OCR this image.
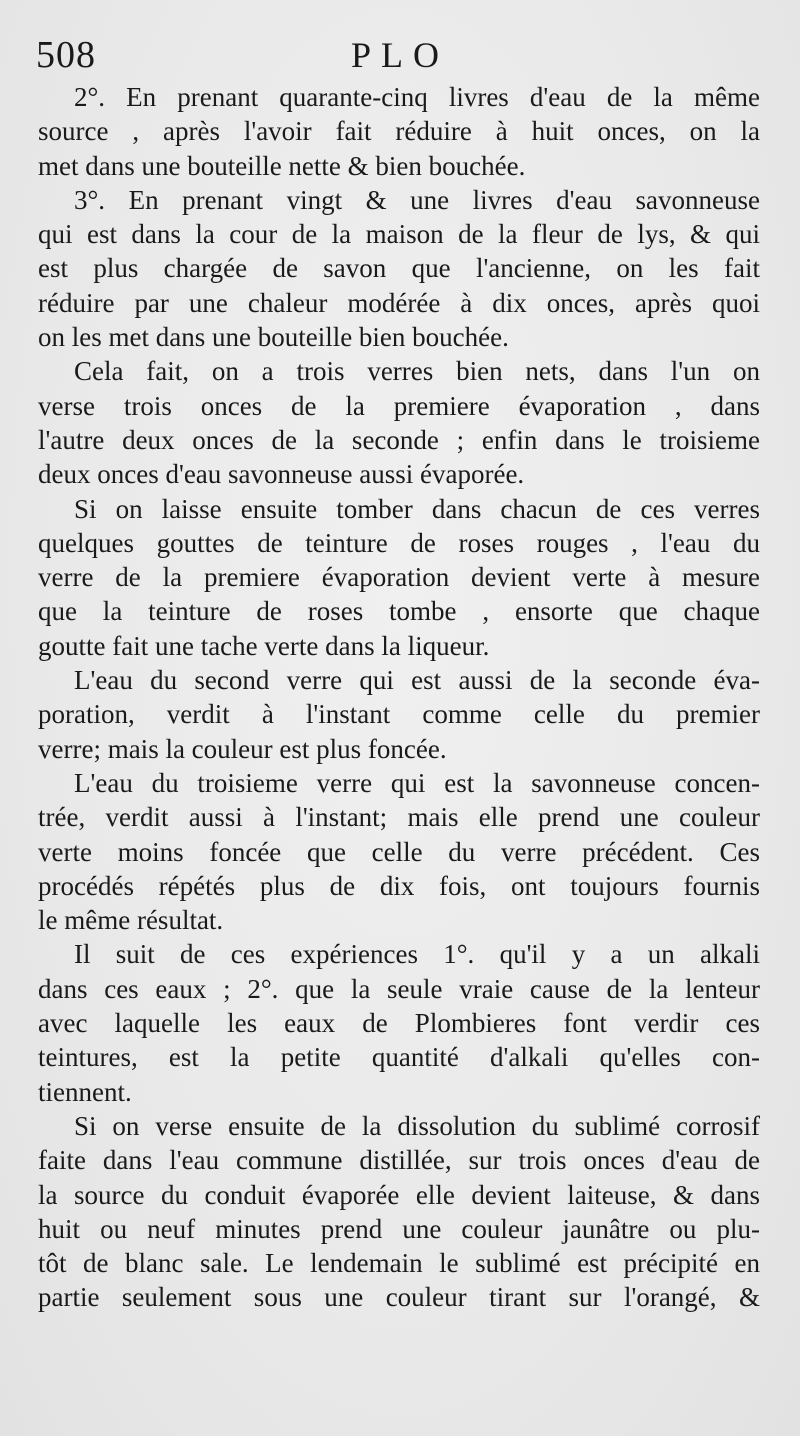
508	PLO
2°. En prenant quarante-cinq livres d'eau de la même
source , après l'avoir fait réduire à huit onces, on la
met dans une bouteille nette & bien bouchée.
3°. En prenant vingt & une livres d'eau savonneuse
qui est dans la cour de la maison de la fleur de lys, & qui
est plus chargée de savon que l'ancienne, on les fait
réduire par une chaleur modérée à dix onces, après quoi
on les met dans une bouteille bien bouchée.
Cela fait, on a trois verres bien nets, dans l'un on
verse trois onces de la premiere évaporation , dans
l'autre deux onces de la seconde ; enfin dans le troisieme
deux onces d'eau savonneuse aussi évaporée.
Si on laisse ensuite tomber dans chacun de ces verres
quelques gouttes de teinture de roses rouges , l'eau du
verre de la premiere évaporation devient verte à mesure
que la teinture de roses tombe , ensorte que chaque
goutte fait une tache verte dans la liqueur.
L'eau du second verre qui est aussi de la seconde éva-
poration, verdit à l'instant comme celle du premier
verre; mais la couleur est plus foncée.
L'eau du troisieme verre qui est la savonneuse concen-
trée, verdit aussi à l'instant; mais elle prend une couleur
verte moins foncée que celle du verre précédent. Ces
procédés répétés plus de dix fois, ont toujours fournis
le même résultat.
Il suit de ces expériences 1°. qu'il y a un alkali
dans ces eaux ; 2°. que la seule vraie cause de la lenteur
avec laquelle les eaux de Plombieres font verdir ces
teintures, est la petite quantité d'alkali qu'elles con-
tiennent.
Si on verse ensuite de la dissolution du sublimé corrosif
faite dans l'eau commune distillée, sur trois onces d'eau de
la source du conduit évaporée elle devient laiteuse, & dans
huit ou neuf minutes prend une couleur jaunâtre ou plu-
tôt de blanc sale. Le lendemain le sublimé est précipité en
partie seulement sous une couleur tirant sur l'orangé, &
